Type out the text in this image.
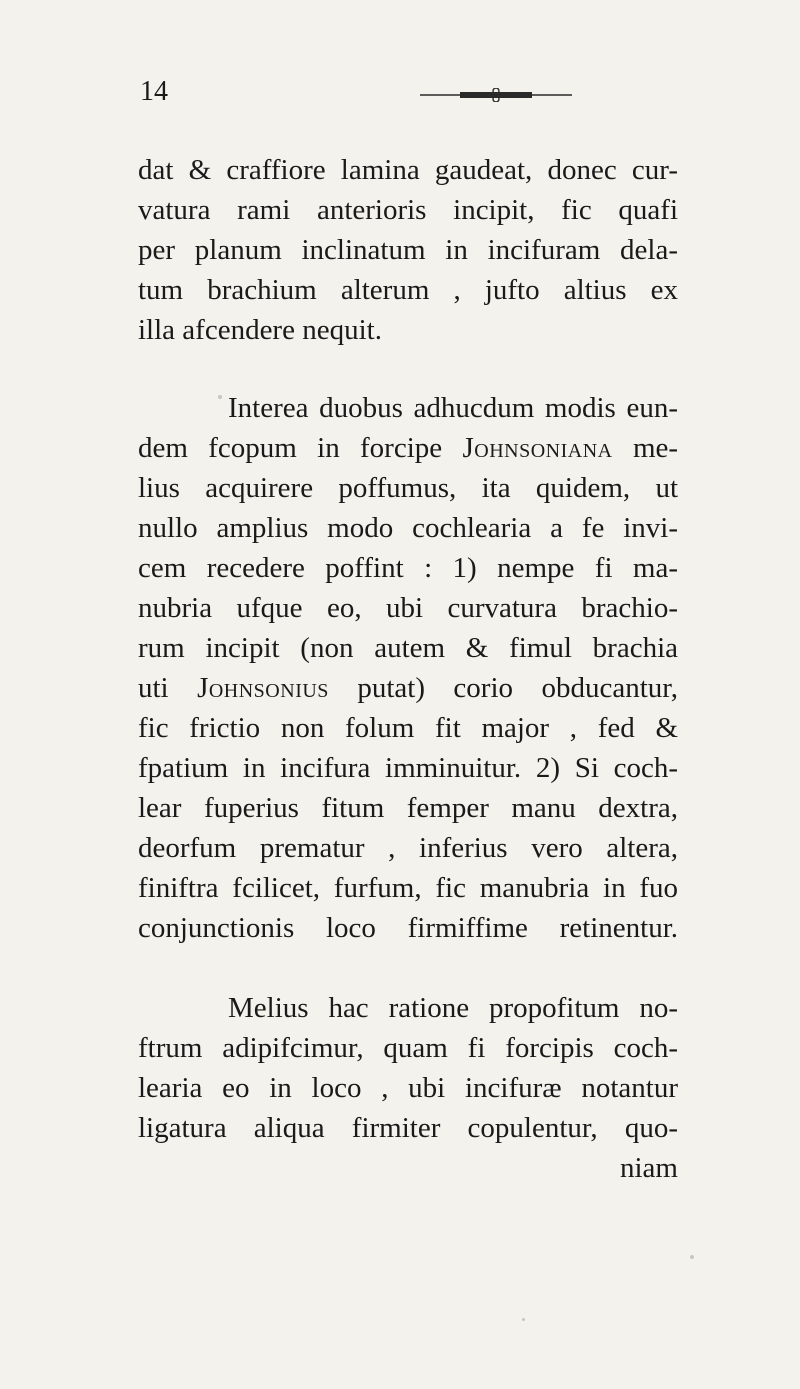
14
dat & craffiore lamina gaudeat, donec cur-
vatura rami anterioris incipit, fic quafi
per planum inclinatum in incifuram dela-
tum brachium alterum , jufto altius ex
illa afcendere nequit.
Interea duobus adhucdum modis eun-
dem fcopum in forcipe Johnsoniana me-
lius acquirere poffumus, ita quidem, ut
nullo amplius modo cochlearia a fe invi-
cem recedere poffint : 1) nempe fi ma-
nubria ufque eo, ubi curvatura brachio-
rum incipit (non autem & fimul brachia
uti Johnsonius putat) corio obducantur,
fic frictio non folum fit major , fed &
fpatium in incifura imminuitur. 2) Si coch-
lear fuperius fitum femper manu dextra,
deorfum prematur , inferius vero altera,
finiftra fcilicet, furfum, fic manubria in fuo
conjunctionis loco firmiffime retinentur.
Melius hac ratione propofitum no-
ftrum adipifcimur, quam fi forcipis coch-
learia eo in loco , ubi incifuræ notantur
ligatura aliqua firmiter copulentur, quo-
niam
